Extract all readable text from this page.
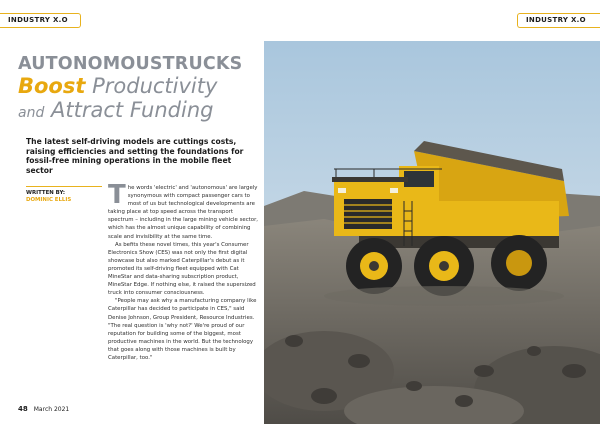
INDUSTRY X.O
AUTONOMOUSTRUCKS
Boost Productivity
and Attract Funding
The latest self-driving models are cuttings costs, raising efficiencies and setting the foundations for fossil-free mining operations in the mobile fleet sector
WRITTEN BY:
DOMINIC ELLIS	The words 'electric' and 'autonomous' are largely synonymous with compact passenger cars to most of us but technological developments are taking place at top speed across the transport spectrum – including in the large mining vehicle sector, which has the almost unique capability of combining scale and invisibility at the same time.

As befits these novel times, this year's Consumer Electronics Show (CES) was not only the first digital showcase but also marked Caterpillar's debut as it promoted its self-driving fleet equipped with Cat MineStar and data-sharing subscription product, MineStar Edge. If nothing else, it raised the supersized truck into consumer consciousness.

"People may ask why a manufacturing company like Caterpillar has decided to participate in CES," said Denise Johnson, Group President, Resource Industries. "The real question is 'why not?' We're proud of our reputation for building some of the biggest, most productive machines in the world. But the technology that goes along with those machines is built by Caterpillar, too."

48 March 2021
INDUSTRY X.O
